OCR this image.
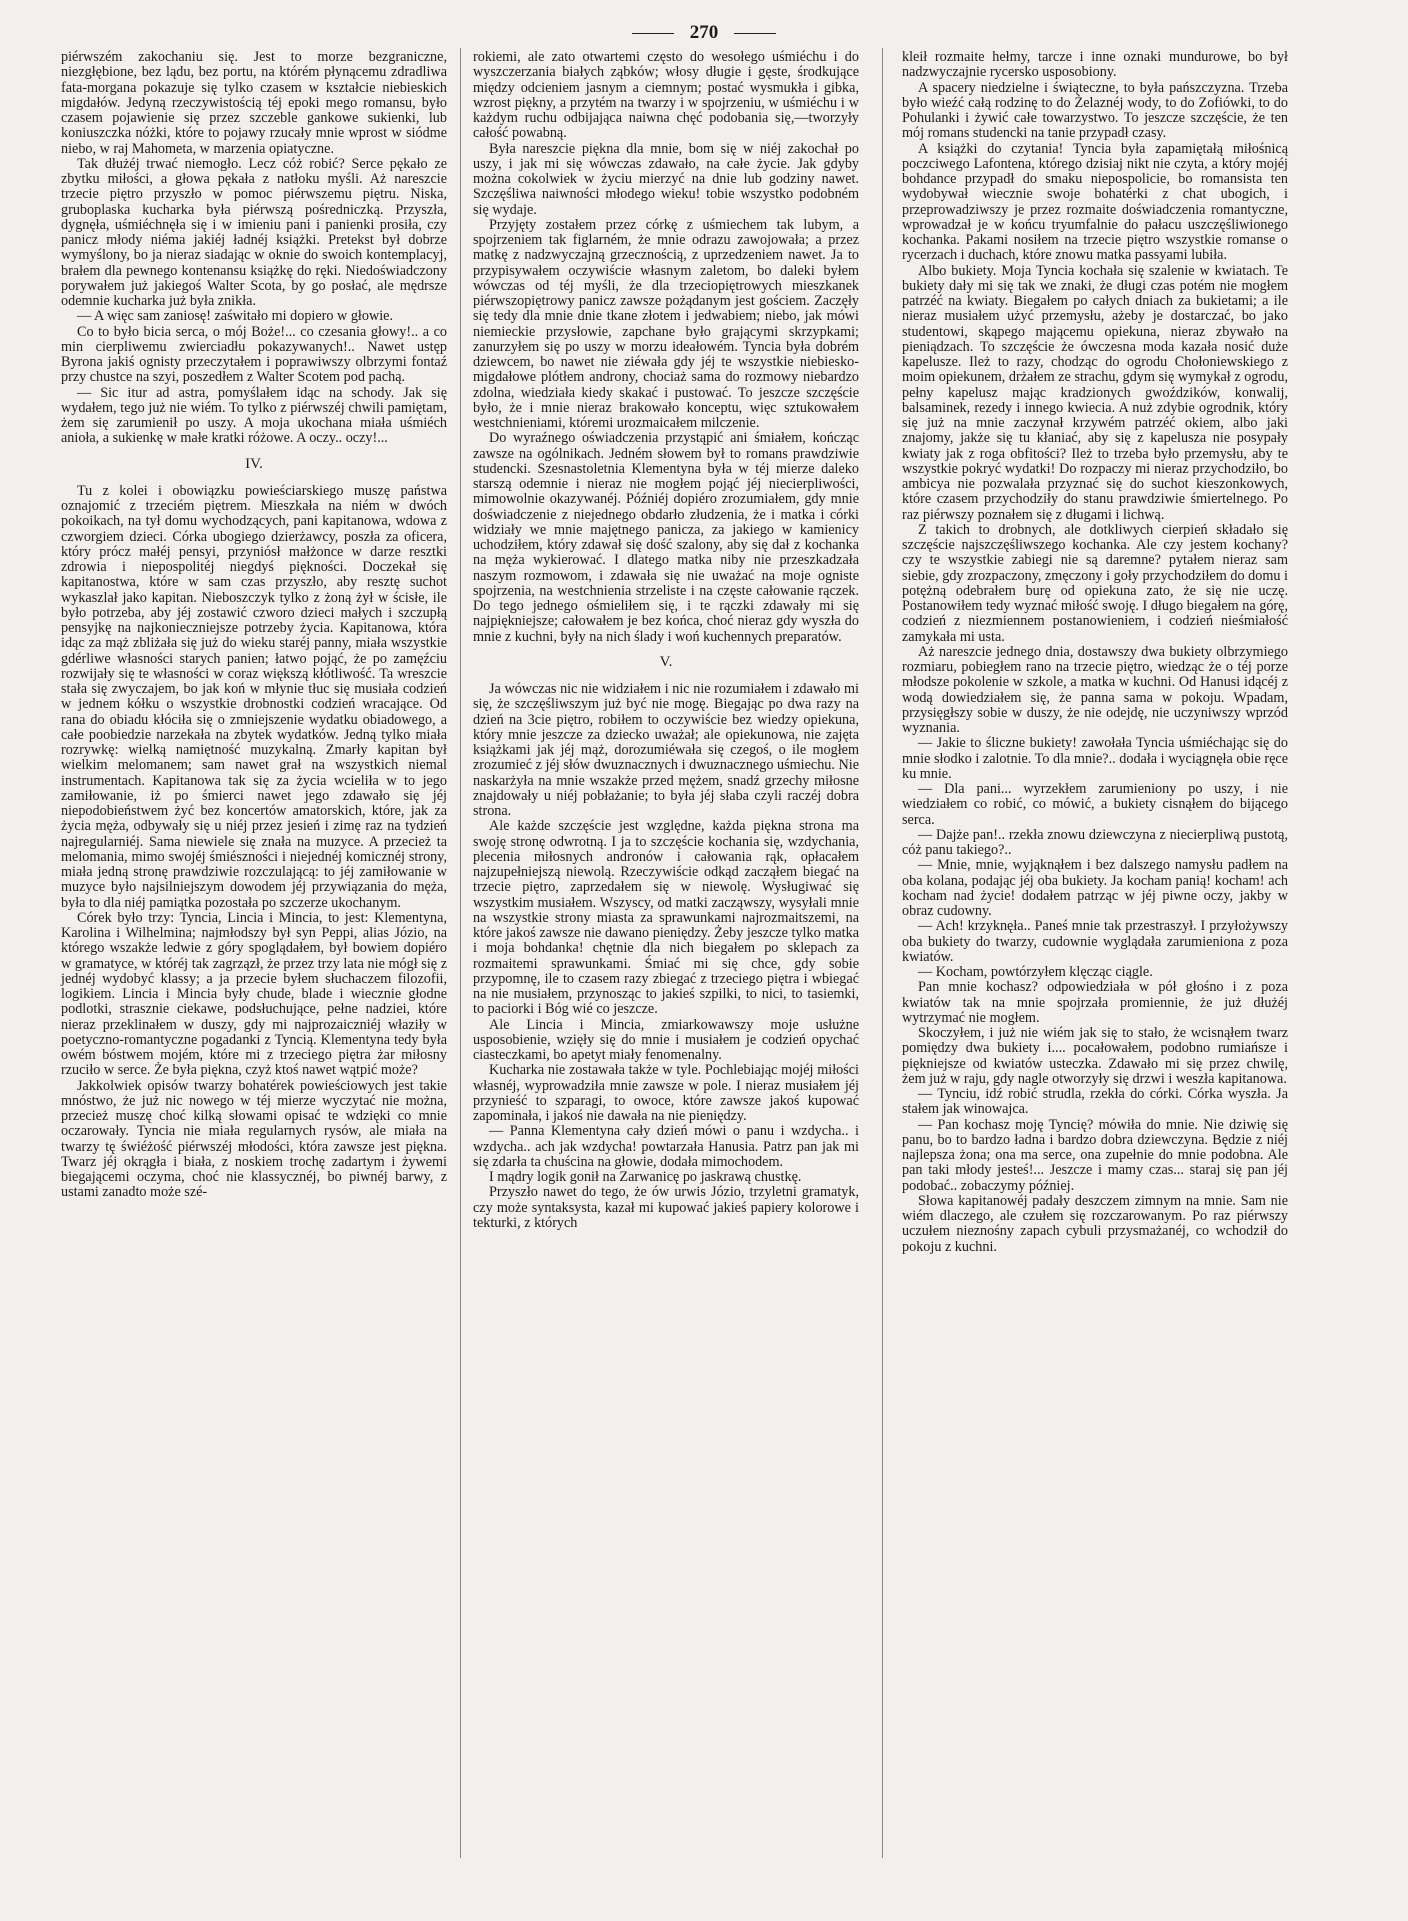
270

piérwszém zakochaniu się. Jest to morze bezgraniczne, niezgłębione, bez lądu, bez portu, na którém płynącemu zdradliwa fata-morgana pokazuje się tylko czasem w kształcie niebieskich migdałów. Jedyną rzeczywistością téj epoki mego romansu, było czasem pojawienie się przez szczeble gankowe sukienki, lub koniuszczka nóżki, które to pojawy rzucały mnie wprost w siódme niebo, w raj Mahometa, w marzenia opiatyczne.

Tak dłużéj trwać niemogło. Lecz cóż robić? Serce pękało ze zbytku miłości, a głowa pękała z natłoku myśli. Aż nareszcie trzecie piętro przyszło w pomoc piérwszemu piętru. Niska, gruboplaska kucharka była piérwszą pośredniczką. Przyszła, dygnęła, uśmiéchnęła się i w imieniu pani i panienki prosiła, czy panicz młody niéma jakiéj ładnéj książki. Pretekst był dobrze wymyślony, bo ja nieraz siadając w oknie do swoich kontemplacyj, brałem dla pewnego kontenansu książkę do ręki. Niedoświadczony porywałem już jakiegoś Walter Scota, by go posłać, ale mędrsze odemnie kucharka już była znikła.

— A więc sam zaniosę! zaświtało mi dopiero w głowie.

Co to było bicia serca, o mój Boże!... co czesania głowy!.. a co min cierpliwemu zwierciadłu pokazywanych!.. Nawet ustęp Byrona jakiś ognisty przeczytałem i poprawiwszy olbrzymi fontaź przy chustce na szyi, poszedłem z Walter Scotem pod pachą.

— Sic itur ad astra, pomyślałem idąc na schody. Jak się wydałem, tego już nie wiém. To tylko z piérwszéj chwili pamiętam, żem się zarumienił po uszy. A moja ukochana miała uśmiéch anioła, a sukienkę w małe kratki różowe. A oczy.. oczy!...

IV.

Tu z kolei i obowiązku powieściarskiego muszę państwa oznajomić z trzeciém piętrem. Mieszkała na niém w dwóch pokoikach, na tył domu wychodzących, pani kapitanowa, wdowa z czworgiem dzieci. Córka ubogiego dzierżawcy, poszła za oficera, który prócz małéj pensyi, przyniósł małżonce w darze resztki zdrowia i niepospolitéj niegdyś piękności. Doczekał się kapitanostwa, które w sam czas przyszło, aby resztę suchot wykaszlał jako kapitan. Nieboszczyk tylko z żoną żył w ścisłe, ile było potrzeba, aby jéj zostawić czworo dzieci małych i szczupłą pensyjkę na najkonieczniejsze potrzeby życia. Kapitanowa, która idąc za mąż zbliżała się już do wieku staréj panny, miała wszystkie gdérliwe własności starych panien; łatwo pojąć, że po zamęźciu rozwijały się te własności w coraz większą kłótliwość. Ta wreszcie stała się zwyczajem, bo jak koń w młynie tłuc się musiała codzień w jednem kółku o wszystkie drobnostki codzień wracające. Od rana do obiadu kłóciła się o zmniejszenie wydatku obiadowego, a całe poobiedzie narzekała na zbytek wydatków. Jedną tylko miała rozrywkę: wielką namiętność muzykalną. Zmarły kapitan był wielkim melomanem; sam nawet grał na wszystkich niemal instrumentach. Kapitanowa tak się za życia wcieliła w to jego zamiłowanie, iż po śmierci nawet jego zdawało się jéj niepodobieństwem żyć bez koncertów amatorskich, które, jak za życia męża, odbywały się u niéj przez jesień i zimę raz na tydzień najregularniéj. Sama niewiele się znała na muzyce. A przecież ta melomania, mimo swojéj śmiészności i niejednéj komicznéj strony, miała jedną stronę prawdziwie rozczulającą: to jéj zamiłowanie w muzyce było najsilniejszym dowodem jéj przywiązania do męża, była to dla niéj pamiątka pozostała po szczerze ukochanym.

Córek było trzy: Tyncia, Lincia i Mincia, to jest: Klementyna, Karolina i Wilhelmina; najmłodszy był syn Peppi, alias Józio, na którego wszakże ledwie z góry spoglądałem, był bowiem dopiéro w gramatyce, w któréj tak zagrzązł, że przez trzy lata nie mógł się z jednéj wydobyć klassy; a ja przecie byłem słuchaczem filozofii, logikiem. Lincia i Mincia były chude, blade i wiecznie głodne podlotki, strasznie ciekawe, podsłuchujące, pełne nadziei, które nieraz przeklinałem w duszy, gdy mi najprozaiczniéj właziły w poetyczno-romantyczne pogadanki z Tyncią. Klementyna tedy była owém bóstwem mojém, które mi z trzeciego piętra żar miłosny rzuciło w serce. Że była piękna, czyż ktoś nawet wątpić może?

Jakkolwiek opisów twarzy bohatérek powieściowych jest takie mnóstwo, że już nic nowego w téj mierze wyczytać nie można, przecież muszę choć kilką słowami opisać te wdzięki co mnie oczarowały. Tyncia nie miała regularnych rysów, ale miała na twarzy tę świéżość piérwszéj młodości, która zawsze jest piękna. Twarz jéj okrągła i biała, z noskiem trochę zadartym i żywemi biegającemi oczyma, choć nie klassycznéj, bo piwnéj barwy, z ustami zanadto może szé-

rokiemi, ale zato otwartemi często do wesołego uśmiéchu i do wyszczerzania białych ząbków; włosy długie i gęste, środkujące między odcieniem jasnym a ciemnym; postać wysmukła i gibka, wzrost piękny, a przytém na twarzy i w spojrzeniu, w uśmiéchu i w każdym ruchu odbijająca naiwna chęć podobania się,—tworzyły całość powabną.

Była nareszcie piękna dla mnie, bom się w niéj zakochał po uszy, i jak mi się wówczas zdawało, na całe życie. Jak gdyby można cokolwiek w życiu mierzyć na dnie lub godziny nawet. Szczęśliwa naiwności młodego wieku! tobie wszystko podobném się wydaje.

Przyjęty zostałem przez córkę z uśmiechem tak lubym, a spojrzeniem tak figlarném, że mnie odrazu zawojowała; a przez matkę z nadzwyczajną grzecznością, z uprzedzeniem nawet. Ja to przypisywałem oczywiście własnym zaletom, bo daleki byłem wówczas od téj myśli, że dla trzeciopiętrowych mieszkanek piérwszopiętrowy panicz zawsze pożądanym jest gościem. Zaczęły się tedy dla mnie dnie tkane złotem i jedwabiem; niebo, jak mówi niemieckie przysłowie, zapchane było grającymi skrzypkami; zanurzyłem się po uszy w morzu ideałowém. Tyncia była dobrém dziewcem, bo nawet nie ziéwała gdy jéj te wszystkie niebiesko-migdałowe plótłem androny, chociaż sama do rozmowy niebardzo zdolna, wiedziała kiedy skakać i pustować. To jeszcze szczęście było, że i mnie nieraz brakowało konceptu, więc sztukowałem westchnieniami, któremi urozmaicałem milczenie.

Do wyraźnego oświadczenia przystąpić ani śmiałem, kończąc zawsze na ogólnikach. Jedném słowem był to romans prawdziwie studencki. Szesnastoletnia Klementyna była w téj mierze daleko starszą odemnie i nieraz nie mogłem pojąć jéj niecierpliwości, mimowolnie okazywanéj. Późniéj dopiéro zrozumiałem, gdy mnie doświadczenie z niejednego obdarło złudzenia, że i matka i córki widziały we mnie majętnego panicza, za jakiego w kamienicy uchodziłem, który zdawał się dość szalony, aby się dał z kochanka na męża wykierować. I dlatego matka niby nie przeszkadzała naszym rozmowom, i zdawała się nie uważać na moje ogniste spojrzenia, na westchnienia strzeliste i na częste całowanie rączek. Do tego jednego ośmieliłem się, i te rączki zdawały mi się najpiękniejsze; całowałem je bez końca, choć nieraz gdy wyszła do mnie z kuchni, były na nich ślady i woń kuchennych preparatów.

V.

Ja wówczas nic nie widziałem i nic nie rozumiałem i zdawało mi się, że szczęśliwszym już być nie mogę. Biegając po dwa razy na dzień na 3cie piętro, robiłem to oczywiście bez wiedzy opiekuna, który mnie jeszcze za dziecko uważał; ale opiekunowa, nie zajęta książkami jak jéj mąż, dorozumiéwała się czegoś, o ile mogłem zrozumieć z jéj słów dwuznacznych i dwuznacznego uśmiechu. Nie naskarżyła na mnie wszakże przed mężem, snadź grzechy miłosne znajdowały u niéj pobłażanie; to była jéj słaba czyli raczéj dobra strona.

Ale każde szczęście jest względne, każda piękna strona ma swoję stronę odwrotną. I ja to szczęście kochania się, wzdychania, plecenia miłosnych andronów i całowania rąk, opłacałem najzupełniejszą niewolą. Rzeczywiście odkąd zacząłem biegać na trzecie piętro, zaprzedałem się w niewolę. Wysługiwać się wszystkim musiałem. Wszyscy, od matki zacząwszy, wysyłali mnie na wszystkie strony miasta za sprawunkami najrozmaitszemi, na które jakoś zawsze nie dawano pieniędzy. Żeby jeszcze tylko matka i moja bohdanka! chętnie dla nich biegałem po sklepach za rozmaitemi sprawunkami. Śmiać mi się chce, gdy sobie przypomnę, ile to czasem razy zbiegać z trzeciego piętra i wbiegać na nie musiałem, przynosząc to jakieś szpilki, to nici, to tasiemki, to paciorki i Bóg wié co jeszcze.

Ale Lincia i Mincia, zmiarkowawszy moje usłużne usposobienie, wzięły się do mnie i musiałem je codzień opychać ciasteczkami, bo apetyt miały fenomenalny.

Kucharka nie zostawała także w tyle. Pochlebiając mojéj miłości własnéj, wyprowadziła mnie zawsze w pole. I nieraz musiałem jéj przynieść to szparagi, to owoce, które zawsze jakoś kupować zapominała, i jakoś nie dawała na nie pieniędzy.

— Panna Klementyna cały dzień mówi o panu i wzdycha.. i wzdycha.. ach jak wzdycha! powtarzała Hanusia. Patrz pan jak mi się zdarła ta chuścina na głowie, dodała mimochodem.

I mądry logik gonił na Zarwanicę po jaskrawą chustkę.

Przyszło nawet do tego, że ów urwis Józio, trzyletni gramatyk, czy może syntaksysta, kazał mi kupować jakieś papiery kolorowe i tekturki, z których

kleił rozmaite hełmy, tarcze i inne oznaki mundurowe, bo był nadzwyczajnie rycersko usposobiony.

A spacery niedzielne i świąteczne, to była pańszczyzna. Trzeba było wieźć całą rodzinę to do Żelaznéj wody, to do Zofiówki, to do Pohulanki i żywić całe towarzystwo. To jeszcze szczęście, że ten mój romans studencki na tanie przypadł czasy.

A książki do czytania! Tyncia była zapamiętałą miłośnicą poczciwego Lafontena, którego dzisiaj nikt nie czyta, a który mojéj bohdance przypadł do smaku niepospolicie, bo romansista ten wydobywał wiecznie swoje bohatérki z chat ubogich, i przeprowadziwszy je przez rozmaite doświadczenia romantyczne, wprowadzał je w końcu tryumfalnie do pałacu uszczęśliwionego kochanka. Pakami nosiłem na trzecie piętro wszystkie romanse o rycerzach i duchach, które znowu matka passyami lubiła.

Albo bukiety. Moja Tyncia kochała się szalenie w kwiatach. Te bukiety dały mi się tak we znaki, że długi czas potém nie mogłem patrzéć na kwiaty. Biegałem po całych dniach za bukietami; a ile nieraz musiałem użyć przemysłu, ażeby je dostarczać, bo jako studentowi, skąpego mającemu opiekuna, nieraz zbywało na pieniądzach. To szczęście że ówczesna moda kazała nosić duże kapelusze. Ileż to razy, chodząc do ogrodu Chołoniewskiego z moim opiekunem, drżałem ze strachu, gdym się wymykał z ogrodu, pełny kapelusz mając kradzionych gwoździków, konwalij, balsaminek, rezedy i innego kwiecia. A nuż zdybie ogrodnik, który się już na mnie zaczynał krzywém patrzéć okiem, albo jaki znajomy, jakże się tu kłaniać, aby się z kapelusza nie posypały kwiaty jak z roga obfitości? Ileż to trzeba było przemysłu, aby te wszystkie pokryć wydatki! Do rozpaczy mi nieraz przychodziło, bo ambicya nie pozwalała przyznać się do suchot kieszonkowych, które czasem przychodziły do stanu prawdziwie śmiertelnego. Po raz piérwszy poznałem się z długami i lichwą.

Z takich to drobnych, ale dotkliwych cierpień składało się szczęście najszczęśliwszego kochanka. Ale czy jestem kochany? czy te wszystkie zabiegi nie są daremne? pytałem nieraz sam siebie, gdy zrozpaczony, zmęczony i goły przychodziłem do domu i potężną odebrałem burę od opiekuna zato, że się nie uczę. Postanowiłem tedy wyznać miłość swoję. I długo biegałem na górę, codzień z niezmiennem postanowieniem, i codzień nieśmiałość zamykała mi usta.

Aż nareszcie jednego dnia, dostawszy dwa bukiety olbrzymiego rozmiaru, pobiegłem rano na trzecie piętro, wiedząc że o téj porze młodsze pokolenie w szkole, a matka w kuchni. Od Hanusi idącéj z wodą dowiedziałem się, że panna sama w pokoju. Wpadam, przysięgłszy sobie w duszy, że nie odejdę, nie uczyniwszy wprzód wyznania.

— Jakie to śliczne bukiety! zawołała Tyncia uśmiéchając się do mnie słodko i zalotnie. To dla mnie?.. dodała i wyciągnęła obie ręce ku mnie.

— Dla pani... wyrzekłem zarumieniony po uszy, i nie wiedziałem co robić, co mówić, a bukiety cisnąłem do bijącego serca.

— Dajże pan!.. rzekła znowu dziewczyna z niecierpliwą pustotą, cóż panu takiego?..

— Mnie, mnie, wyjąknąłem i bez dalszego namysłu padłem na oba kolana, podając jéj oba bukiety. Ja kocham panią! kocham! ach kocham nad życie! dodałem patrząc w jéj piwne oczy, jakby w obraz cudowny.

— Ach! krzyknęła.. Paneś mnie tak przestraszył. I przyłożywszy oba bukiety do twarzy, cudownie wyglądała zarumieniona z poza kwiatów.

— Kocham, powtórzyłem klęcząc ciągle.

Pan mnie kochasz? odpowiedziała w pół głośno i z poza kwiatów tak na mnie spojrzała promiennie, że już dłużéj wytrzymać nie mogłem.

Skoczyłem, i już nie wiém jak się to stało, że wcisnąłem twarz pomiędzy dwa bukiety i.... pocałowałem, podobno rumiańsze i piękniejsze od kwiatów usteczka. Zdawało mi się przez chwilę, żem już w raju, gdy nagle otworzyły się drzwi i weszła kapitanowa.

— Tynciu, idź robić strudla, rzekła do córki. Córka wyszła. Ja stałem jak winowajca.

— Pan kochasz moję Tyncię? mówiła do mnie. Nie dziwię się panu, bo to bardzo ładna i bardzo dobra dziewczyna. Będzie z niéj najlepsza żona; ona ma serce, ona zupełnie do mnie podobna. Ale pan taki młody jesteś!... Jeszcze i mamy czas... staraj się pan jéj podobać.. zobaczymy później.

Słowa kapitanowéj padały deszczem zimnym na mnie. Sam nie wiém dlaczego, ale czułem się rozczarowanym. Po raz piérwszy uczułem nieznośny zapach cybuli przysmażanéj, co wchodził do pokoju z kuchni.
